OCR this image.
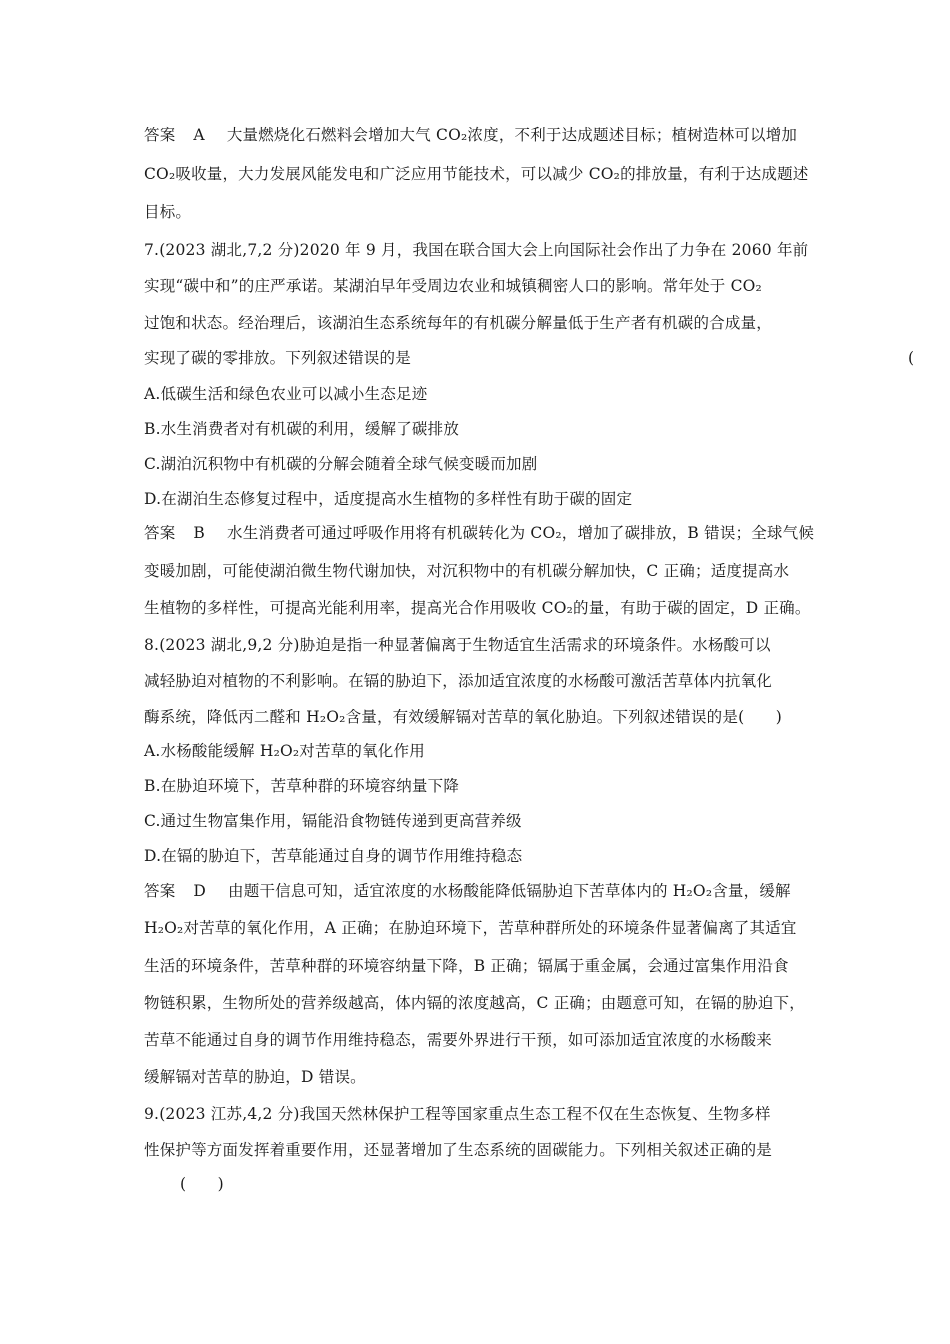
答案 A 大量燃烧化石燃料会增加大气 CO₂浓度，不利于达成题述目标；植树造林可以增加
CO₂吸收量，大力发展风能发电和广泛应用节能技术，可以减少 CO₂的排放量，有利于达成题述
目标。
7.(2023 湖北,7,2 分)2020 年 9 月，我国在联合国大会上向国际社会作出了力争在 2060 年前
实现“碳中和”的庄严承诺。某湖泊早年受周边农业和城镇稠密人口的影响。常年处于 CO₂
过饱和状态。经治理后，该湖泊生态系统每年的有机碳分解量低于生产者有机碳的合成量，
实现了碳的零排放。下列叙述错误的是	(
A.低碳生活和绿色农业可以减小生态足迹
B.水生消费者对有机碳的利用，缓解了碳排放
C.湖泊沉积物中有机碳的分解会随着全球气候变暖而加剧
D.在湖泊生态修复过程中，适度提高水生植物的多样性有助于碳的固定
答案 B 水生消费者可通过呼吸作用将有机碳转化为 CO₂，增加了碳排放，B 错误；全球气候
变暖加剧，可能使湖泊微生物代谢加快，对沉积物中的有机碳分解加快，C 正确；适度提高水
生植物的多样性，可提高光能利用率，提高光合作用吸收 CO₂的量，有助于碳的固定，D 正确。
8.(2023 湖北,9,2 分)胁迫是指一种显著偏离于生物适宜生活需求的环境条件。水杨酸可以
减轻胁迫对植物的不利影响。在镉的胁迫下，添加适宜浓度的水杨酸可激活苦草体内抗氧化
酶系统，降低丙二醛和 H₂O₂含量，有效缓解镉对苦草的氧化胁迫。下列叙述错误的是(　　)
A.水杨酸能缓解 H₂O₂对苦草的氧化作用
B.在胁迫环境下，苦草种群的环境容纳量下降
C.通过生物富集作用，镉能沿食物链传递到更高营养级
D.在镉的胁迫下，苦草能通过自身的调节作用维持稳态
答案 D 由题干信息可知，适宜浓度的水杨酸能降低镉胁迫下苦草体内的 H₂O₂含量，缓解
H₂O₂对苦草的氧化作用，A 正确；在胁迫环境下，苦草种群所处的环境条件显著偏离了其适宜
生活的环境条件，苦草种群的环境容纳量下降，B 正确；镉属于重金属，会通过富集作用沿食
物链积累，生物所处的营养级越高，体内镉的浓度越高，C 正确；由题意可知，在镉的胁迫下，
苦草不能通过自身的调节作用维持稳态，需要外界进行干预，如可添加适宜浓度的水杨酸来
缓解镉对苦草的胁迫，D 错误。
9.(2023 江苏,4,2 分)我国天然林保护工程等国家重点生态工程不仅在生态恢复、生物多样
性保护等方面发挥着重要作用，还显著增加了生态系统的固碳能力。下列相关叙述正确的是
(　　)
